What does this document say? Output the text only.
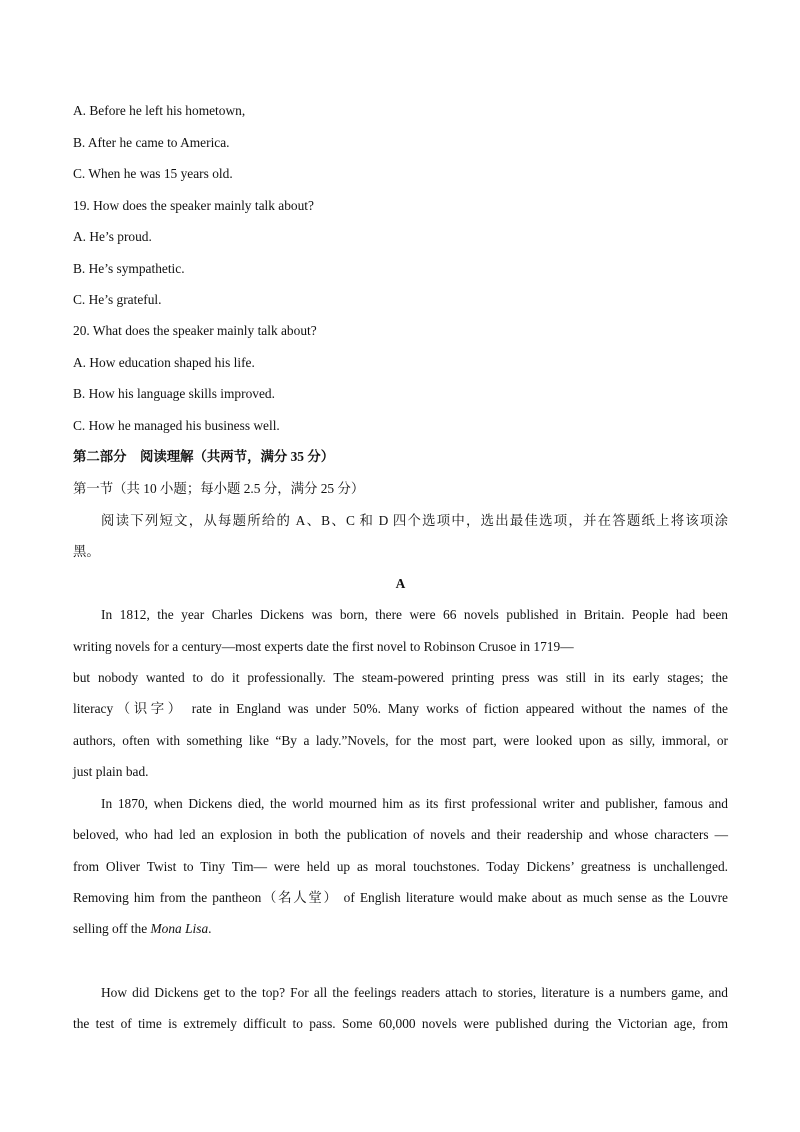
A. Before he left his hometown,
B. After he came to America.
C. When he was 15 years old.
19. How does the speaker mainly talk about?
A. He’s proud.
B. He’s sympathetic.
C. He’s grateful.
20. What does the speaker mainly talk about?
A. How education shaped his life.
B. How his language skills improved.
C. How he managed his business well.
第二部分　阅读理解（共两节，满分 35 分）
第一节（共 10 小题；每小题 2.5 分，满分 25 分）
阅读下列短文，从每题所给的 A、B、C 和 D 四个选项中，选出最佳选项，并在答题纸上将该项涂
黑。
A
In 1812, the year Charles Dickens was born, there were 66 novels published in Britain. People had been
writing novels for a century—most experts date the first novel to Robinson Crusoe in 1719—
but nobody wanted to do it professionally. The steam-powered printing press was still in its early stages; the
literacy（识字） rate in England was under 50%. Many works of fiction appeared without the names of the
authors, often with something like “By a lady.”Novels, for the most part, were looked upon as silly, immoral, or
just plain bad.
In 1870, when Dickens died, the world mourned him as its first professional writer and publisher, famous and
beloved, who had led an explosion in both the publication of novels and their readership and whose characters —
from Oliver Twist to Tiny Tim— were held up as moral touchstones. Today Dickens’ greatness is unchallenged.
Removing him from the pantheon（名人堂） of English literature would make about as much sense as the Louvre
selling off the Mona Lisa.
How did Dickens get to the top? For all the feelings readers attach to stories, literature is a numbers game, and
the test of time is extremely difficult to pass. Some 60,000 novels were published during the Victorian age, from
